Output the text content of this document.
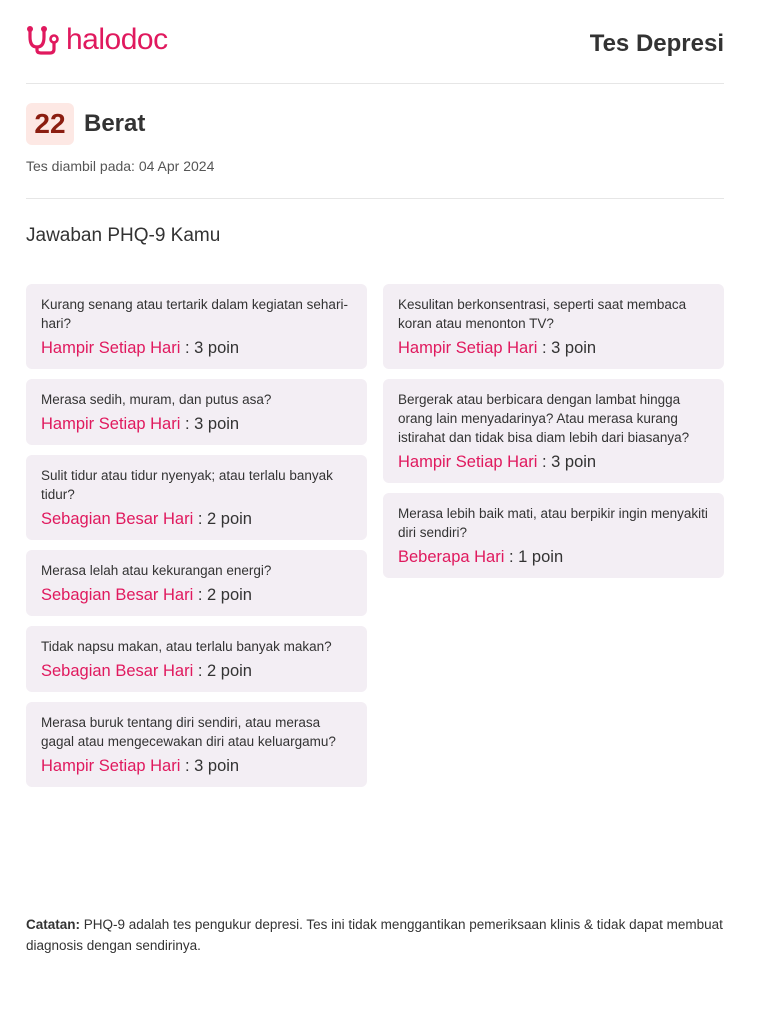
halodoc	Tes Depresi
22 Berat
Tes diambil pada: 04 Apr 2024
Jawaban PHQ-9 Kamu
Kurang senang atau tertarik dalam kegiatan sehari-hari?
Hampir Setiap Hari : 3 poin
Merasa sedih, muram, dan putus asa?
Hampir Setiap Hari : 3 poin
Sulit tidur atau tidur nyenyak; atau terlalu banyak tidur?
Sebagian Besar Hari : 2 poin
Merasa lelah atau kekurangan energi?
Sebagian Besar Hari : 2 poin
Tidak napsu makan, atau terlalu banyak makan?
Sebagian Besar Hari : 2 poin
Merasa buruk tentang diri sendiri, atau merasa gagal atau mengecewakan diri atau keluargamu?
Hampir Setiap Hari : 3 poin
Kesulitan berkonsentrasi, seperti saat membaca koran atau menonton TV?
Hampir Setiap Hari : 3 poin
Bergerak atau berbicara dengan lambat hingga orang lain menyadarinya? Atau merasa kurang istirahat dan tidak bisa diam lebih dari biasanya?
Hampir Setiap Hari : 3 poin
Merasa lebih baik mati, atau berpikir ingin menyakiti diri sendiri?
Beberapa Hari : 1 poin
Catatan: PHQ-9 adalah tes pengukur depresi. Tes ini tidak menggantikan pemeriksaan klinis & tidak dapat membuat diagnosis dengan sendirinya.
